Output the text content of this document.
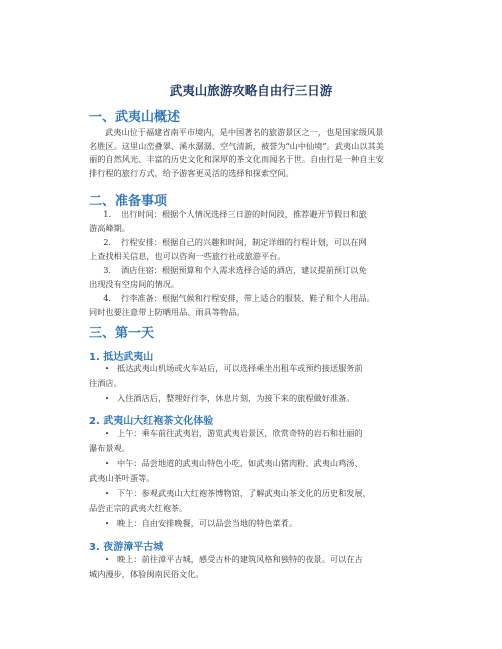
武夷山旅游攻略自由行三日游
一、武夷山概述
武夷山位于福建省南平市境内，是中国著名的旅游景区之一，也是国家级风景
名胜区。这里山峦叠翠、溪水潺潺、空气清新，被誉为“山中仙境”。武夷山以其美
丽的自然风光、丰富的历史文化和深厚的茶文化而闻名于世。自由行是一种自主安
排行程的旅行方式，给予游客更灵活的选择和探索空间。
二、准备事项
1. 出行时间：根据个人情况选择三日游的时间段，推荐避开节假日和旅
游高峰期。
2. 行程安排：根据自己的兴趣和时间，制定详细的行程计划，可以在网
上查找相关信息，也可以咨询一些旅行社或旅游平台。
3. 酒店住宿：根据预算和个人需求选择合适的酒店，建议提前预订以免
出现没有空房间的情况。
4. 行李准备：根据气候和行程安排，带上适合的服装、鞋子和个人用品。
同时也要注意带上防晒用品、雨具等物品。
三、第一天
1. 抵达武夷山
• 抵达武夷山机场或火车站后，可以选择乘坐出租车或预约接送服务前
往酒店。
• 入住酒店后，整理好行李，休息片刻，为接下来的旅程做好准备。
2. 武夷山大红袍茶文化体验
• 上午：乘车前往武夷岩，游览武夷岩景区，欣赏奇特的岩石和壮丽的
瀑布景观。
• 中午：品尝地道的武夷山特色小吃，如武夷山猪肉粉、武夷山鸡汤、
武夷山茶叶蛋等。
• 下午：参观武夷山大红袍茶博物馆，了解武夷山茶文化的历史和发展，
品尝正宗的武夷大红袍茶。
• 晚上：自由安排晚餐，可以品尝当地的特色菜肴。
3. 夜游漳平古城
• 晚上：前往漳平古城，感受古朴的建筑风格和独特的夜景。可以在古
城内漫步，体验闽南民俗文化。
